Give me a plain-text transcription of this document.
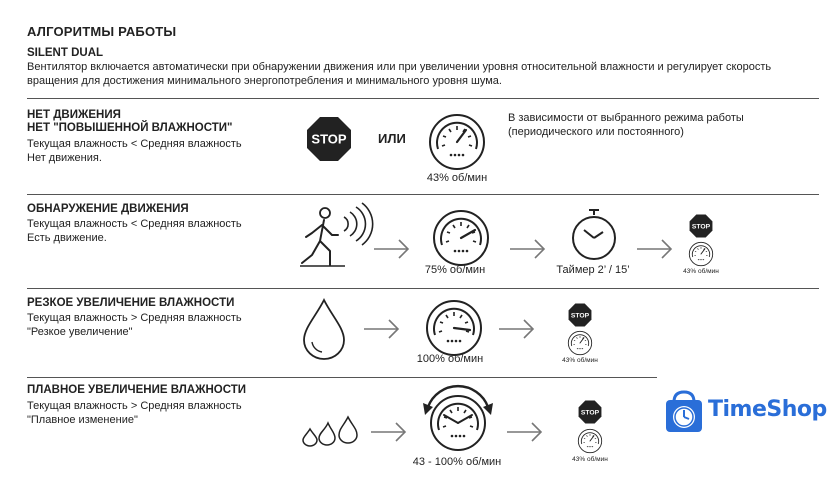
АЛГОРИТМЫ РАБОТЫ
SILENT DUAL
Вентилятор включается автоматически при обнаружении движения или при увеличении уровня относительной влажности и регулирует скорость вращения для достижения минимального энергопотребления и минимального уровня шума.
НЕТ ДВИЖЕНИЯ
НЕТ "ПОВЫШЕННОЙ ВЛАЖНОСТИ"
Текущая влажность < Средняя влажность
Нет движения.
STOP ИЛИ
43% об/мин
В зависимости от выбранного режима работы (периодического или постоянного)
ОБНАРУЖЕНИЕ ДВИЖЕНИЯ
Текущая влажность < Средняя влажность
Есть движение.
75% об/мин	Таймер 2’ / 15’
STOP
43% об/мин
РЕЗКОЕ УВЕЛИЧЕНИЕ ВЛАЖНОСТИ
Текущая влажность > Средняя влажность
"Резкое увеличение"
100% об/мин
STOP
43% об/мин
ПЛАВНОЕ УВЕЛИЧЕНИЕ ВЛАЖНОСТИ
Текущая влажность > Средняя влажность
"Плавное изменение"
43 - 100% об/мин
STOP
43% об/мин
TimeShop
